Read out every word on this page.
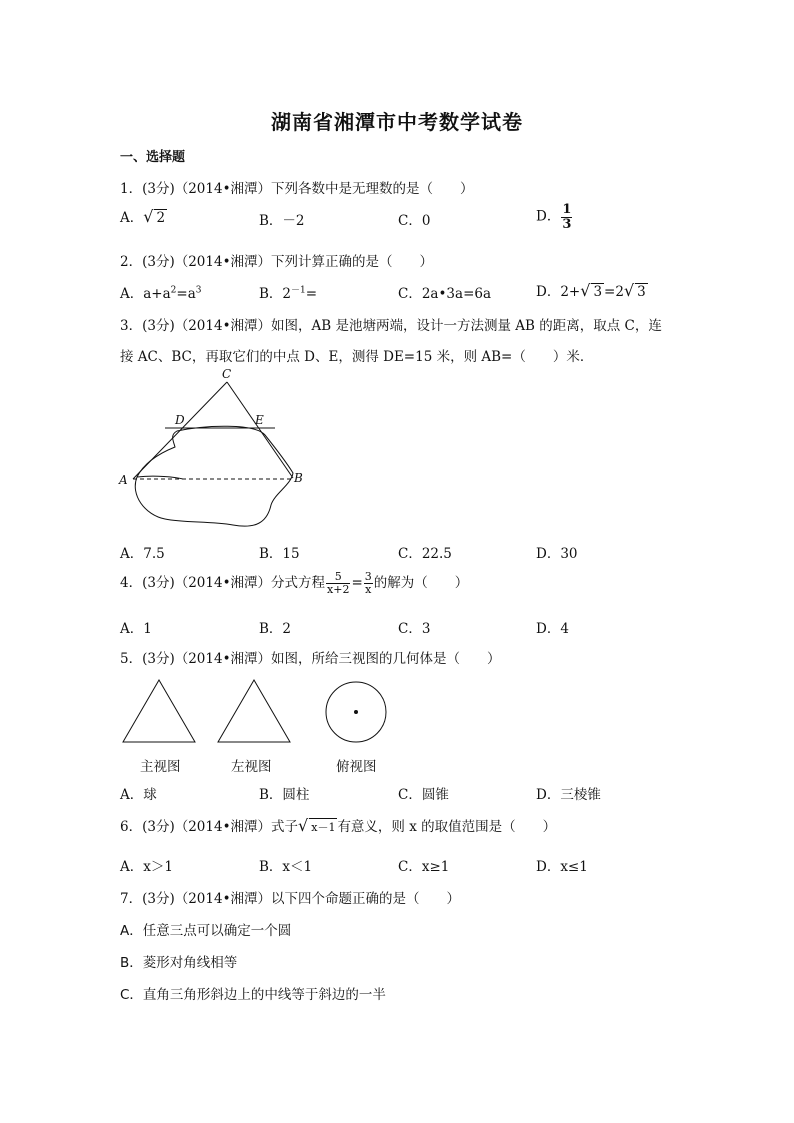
湖南省湘潭市中考数学试卷
一、选择题
1．(3分)（2014•湘潭）下列各数中是无理数的是（　　）
A．√ 2	B．－2	C．0	D． $\frac{1}{3}$
2．(3分)（2014•湘潭）下列计算正确的是（　　）
A．$a+a^2=a^3$	B．$2^{-1}=$	C．2a•3a=6a	D．2+√ 3 =2√ 3
3．(3分)（2014•湘潭）如图，AB 是池塘两端，设计一方法测量 AB 的距离，取点 C，连
接 AC、BC，再取它们的中点 D、E，测得 DE=15 米，则 AB=（　　）米．
C
D	E
A	B
A．7.5	B．15	C．22.5	D．30
4．(3分)（2014•湘潭）分式方程 $\frac{5}{x+2} = \frac{3}{x}$ 的解为（　　）
A．1	B．2	C．3	D．4
5．(3分)（2014•湘潭）如图，所给三视图的几何体是（　　）
主视图	左视图	俯视图
A．球	B．圆柱	C．圆锥	D．三棱锥
6．(3分)（2014•湘潭）式子√ x－1 有意义，则 x 的取值范围是（　　）
A．x＞1	B．x＜1	C．x≥1	D．x≤1
7．(3分)（2014•湘潭）以下四个命题正确的是（　　）
A．任意三点可以确定一个圆
B．菱形对角线相等
C．直角三角形斜边上的中线等于斜边的一半
